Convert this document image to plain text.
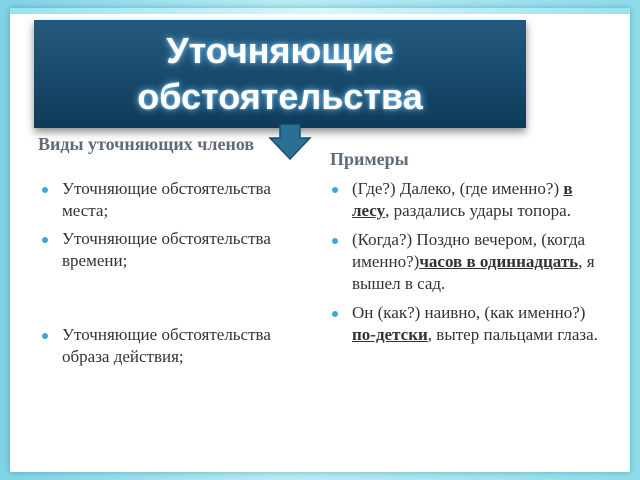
Уточняющие
обстоятельства
Виды уточняющих членов
Примеры
Уточняющие обстоятельства места;
Уточняющие обстоятельства времени;
Уточняющие обстоятельства образа действия;
(Где?) Далеко, (где именно?) в лесу, раздались удары топора.
(Когда?) Поздно вечером, (когда именно?)часов в одиннадцать, я вышел в сад.
Он (как?) наивно, (как именно?) по-детски, вытер пальцами глаза.
